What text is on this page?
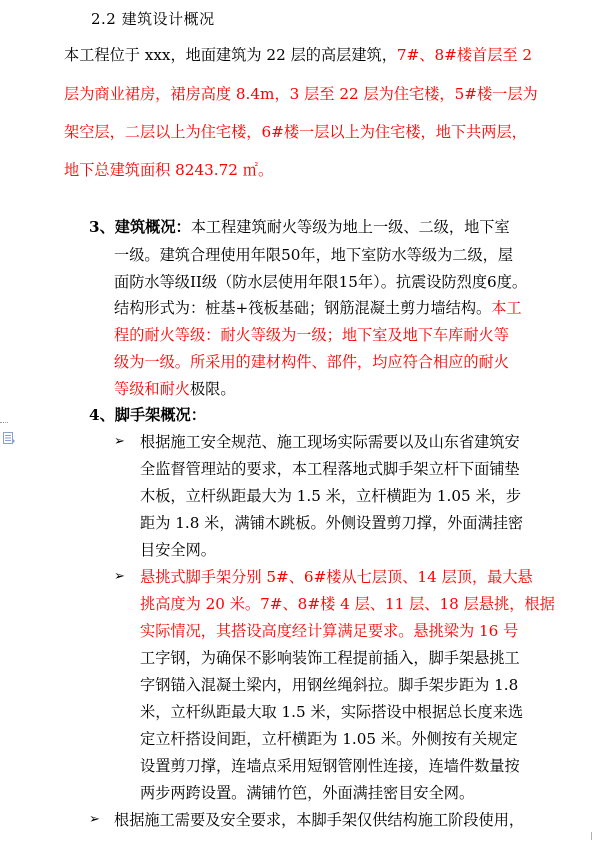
2.2 建筑设计概况
本工程位于 xxx，地面建筑为 22 层的高层建筑，7#、8#楼首层至 2
层为商业裙房，裙房高度 8.4m，3 层至 22 层为住宅楼，5#楼一层为
架空层，二层以上为住宅楼，6#楼一层以上为住宅楼，地下共两层，
地下总建筑面积 8243.72 ㎡。
3、建筑概况：本工程建筑耐火等级为地上一级、二级，地下室
一级。建筑合理使用年限50年，地下室防水等级为二级，屋
面防水等级II级（防水层使用年限15年）。抗震设防烈度6度。
结构形式为：桩基+筏板基础；钢筋混凝土剪力墙结构。本工
程的耐火等级：耐火等级为一级；地下室及地下车库耐火等
级为一级。所采用的建材构件、部件，均应符合相应的耐火
等级和耐火极限。
4、脚手架概况：
➢ 根据施工安全规范、施工现场实际需要以及山东省建筑安
全监督管理站的要求，本工程落地式脚手架立杆下面铺垫
木板，立杆纵距最大为 1.5 米，立杆横距为 1.05 米，步
距为 1.8 米，满铺木跳板。外侧设置剪刀撑，外面满挂密
目安全网。
➢ 悬挑式脚手架分别 5#、6#楼从七层顶、14 层顶，最大悬
挑高度为 20 米。7#、8#楼 4 层、11 层、18 层悬挑，根据
实际情况，其搭设高度经计算满足要求。悬挑梁为 16 号
工字钢，为确保不影响装饰工程提前插入，脚手架悬挑工
字钢锚入混凝土梁内，用钢丝绳斜拉。脚手架步距为 1.8
米，立杆纵距最大取 1.5 米，实际搭设中根据总长度来选
定立杆搭设间距，立杆横距为 1.05 米。外侧按有关规定
设置剪刀撑，连墙点采用短钢管刚性连接，连墙件数量按
两步两跨设置。满铺竹笆，外面满挂密目安全网。
➢ 根据施工需要及安全要求，本脚手架仅供结构施工阶段使用，
